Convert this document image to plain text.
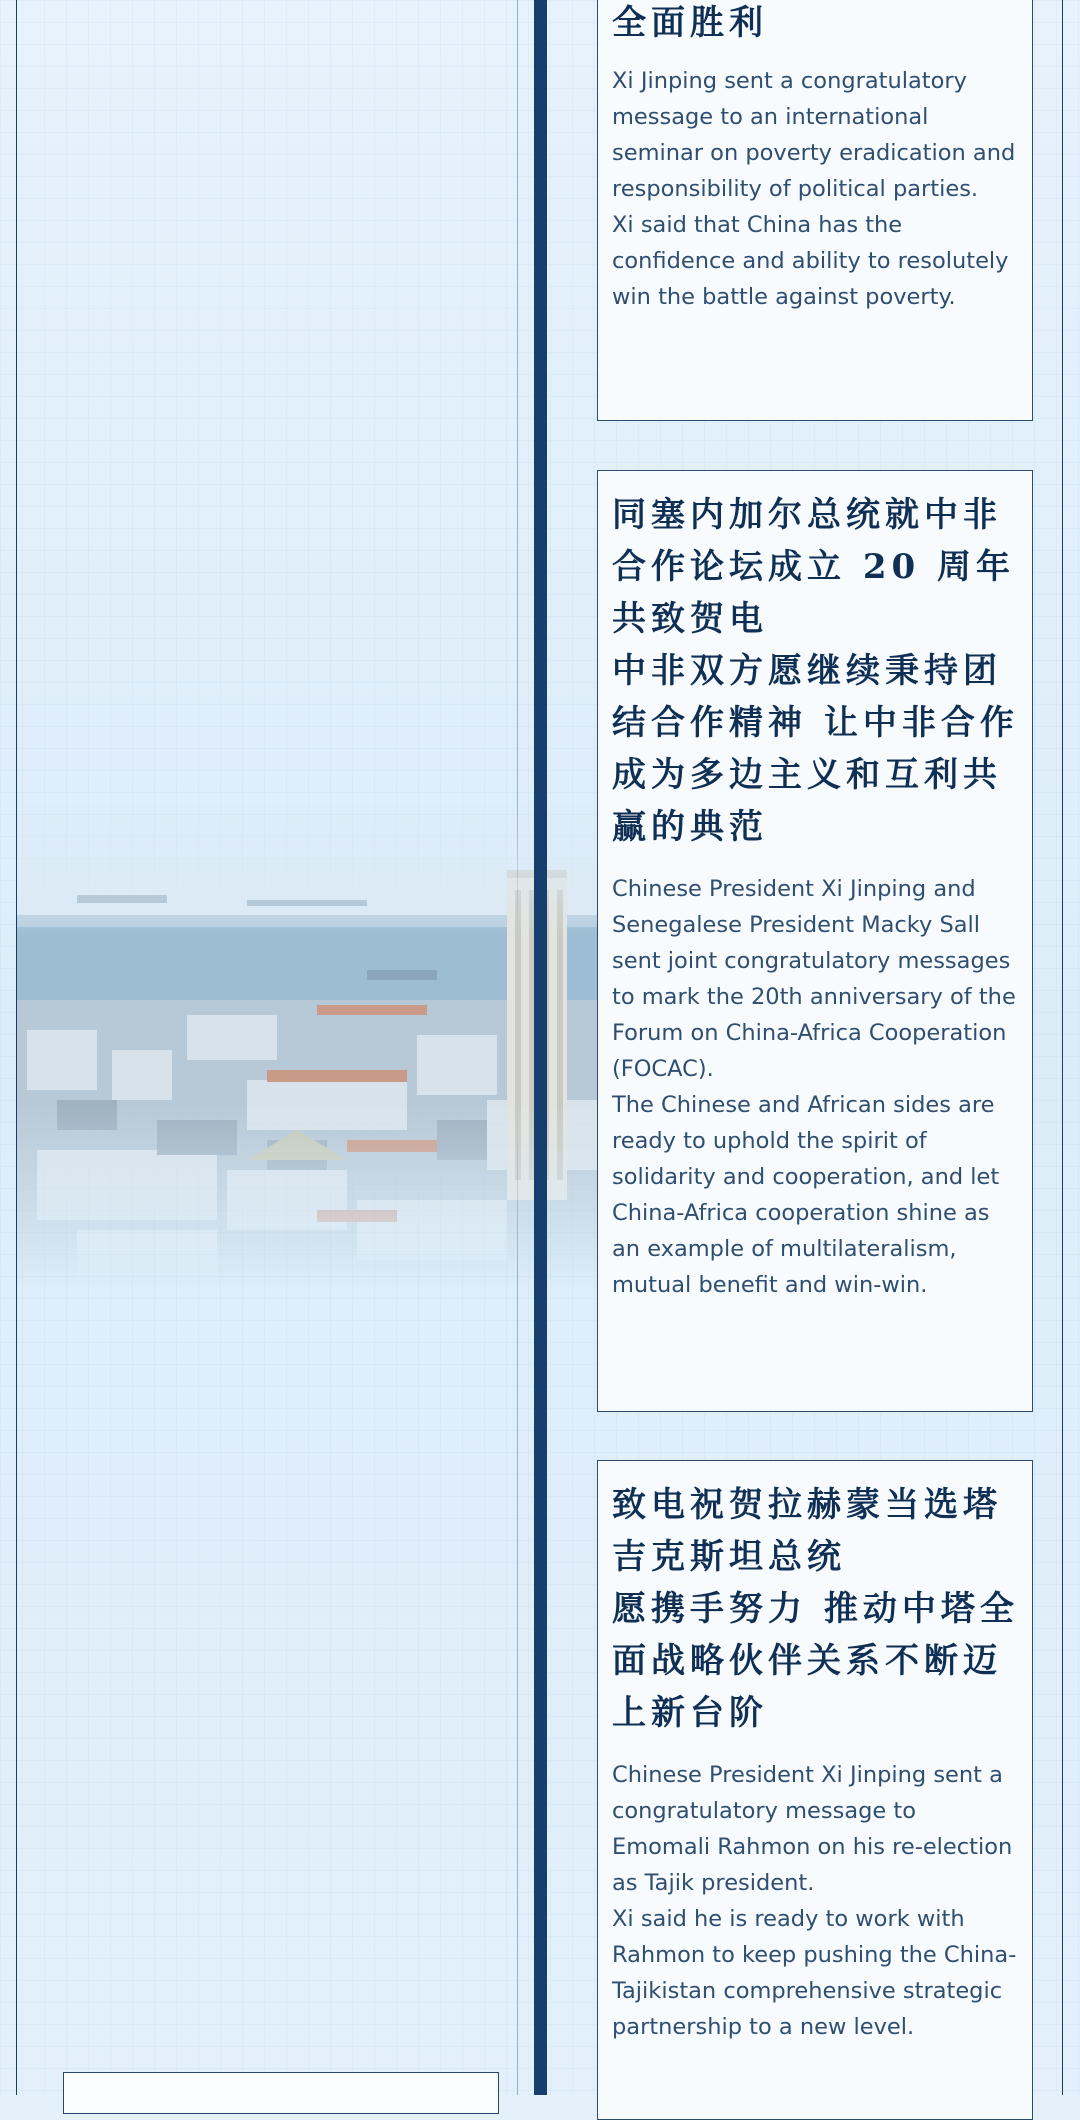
全面胜利

Xi Jinping sent a congratulatory message to an international seminar on poverty eradication and responsibility of political parties.

Xi said that China has the confidence and ability to resolutely win the battle against poverty.

同塞内加尔总统就中非合作论坛成立 20 周年共致贺电

中非双方愿继续秉持团结合作精神 让中非合作成为多边主义和互利共赢的典范

Chinese President Xi Jinping and Senegalese President Macky Sall sent joint congratulatory messages to mark the 20th anniversary of the Forum on China-Africa Cooperation (FOCAC).

The Chinese and African sides are ready to uphold the spirit of solidarity and cooperation, and let China-Africa cooperation shine as an example of multilateralism, mutual benefit and win-win.

致电祝贺拉赫蒙当选塔吉克斯坦总统

愿携手努力 推动中塔全面战略伙伴关系不断迈上新台阶

Chinese President Xi Jinping sent a congratulatory message to Emomali Rahmon on his re-election as Tajik president.

Xi said he is ready to work with Rahmon to keep pushing the China-Tajikistan comprehensive strategic partnership to a new level.
